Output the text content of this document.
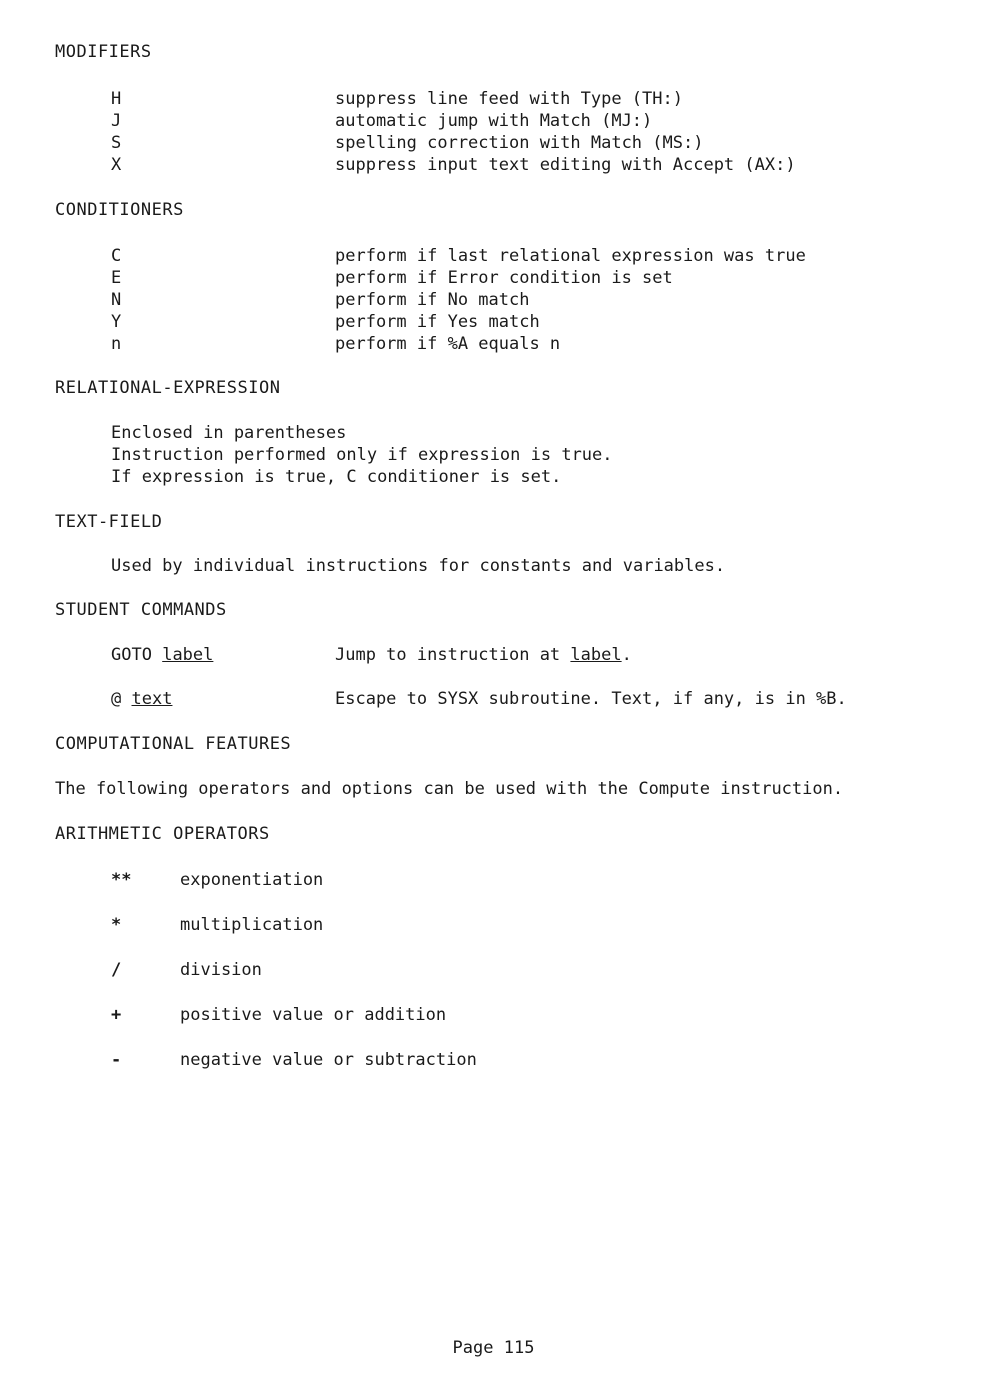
MODIFIERS
H	suppress line feed with Type (TH:)
J	automatic jump with Match (MJ:)
S	spelling correction with Match (MS:)
X	suppress input text editing with Accept (AX:)
CONDITIONERS
C	perform if last relational expression was true
E	perform if Error condition is set
N	perform if No match
Y	perform if Yes match
n	perform if %A equals n
RELATIONAL-EXPRESSION
Enclosed in parentheses
Instruction performed only if expression is true.
If expression is true, C conditioner is set.
TEXT-FIELD
Used by individual instructions for constants and variables.
STUDENT COMMANDS
GOTO label	Jump to instruction at label.
@ text	Escape to SYSX subroutine. Text, if any, is in %B.
COMPUTATIONAL FEATURES
The following operators and options can be used with the Compute instruction.
ARITHMETIC OPERATORS
**	exponentiation
*	multiplication
/	division
+	positive value or addition
-	negative value or subtraction
Page 115
